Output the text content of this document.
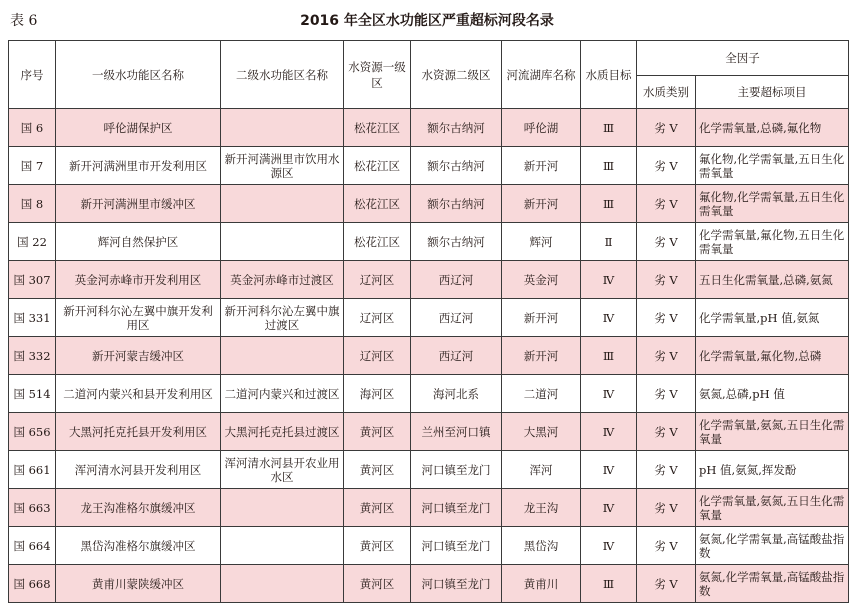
表 6	2016 年全区水功能区严重超标河段名录
序号	一级水功能区名称	二级水功能区名称	水资源一级区	水资源二级区	河流湖库名称	水质目标	全因子	
							水质类别	主要超标项目
国 6	呼伦湖保护区		松花江区	额尔古纳河	呼伦湖	Ⅲ	劣 V	化学需氧量,总磷,氟化物
国 7	新开河满洲里市开发利用区	新开河满洲里市饮用水源区	松花江区	额尔古纳河	新开河	Ⅲ	劣 V	氟化物,化学需氧量,五日生化需氧量
国 8	新开河满洲里市缓冲区		松花江区	额尔古纳河	新开河	Ⅲ	劣 V	氟化物,化学需氧量,五日生化需氧量
国 22	辉河自然保护区		松花江区	额尔古纳河	辉河	Ⅱ	劣 V	化学需氧量,氟化物,五日生化需氧量
国 307	英金河赤峰市开发利用区	英金河赤峰市过渡区	辽河区	西辽河	英金河	Ⅳ	劣 V	五日生化需氧量,总磷,氨氮
国 331	新开河科尔沁左翼中旗开发利用区	新开河科尔沁左翼中旗过渡区	辽河区	西辽河	新开河	Ⅳ	劣 V	化学需氧量,pH 值,氨氮
国 332	新开河蒙吉缓冲区		辽河区	西辽河	新开河	Ⅲ	劣 V	化学需氧量,氟化物,总磷
国 514	二道河内蒙兴和县开发利用区	二道河内蒙兴和过渡区	海河区	海河北系	二道河	Ⅳ	劣 V	氨氮,总磷,pH 值
国 656	大黑河托克托县开发利用区	大黑河托克托县过渡区	黄河区	兰州至河口镇	大黑河	Ⅳ	劣 V	化学需氧量,氨氮,五日生化需氧量
国 661	浑河清水河县开发利用区	浑河清水河县开农业用水区	黄河区	河口镇至龙门	浑河	Ⅳ	劣 V	pH 值,氨氮,挥发酚
国 663	龙王沟准格尔旗缓冲区		黄河区	河口镇至龙门	龙王沟	Ⅳ	劣 V	化学需氧量,氨氮,五日生化需氧量
国 664	黑岱沟准格尔旗缓冲区		黄河区	河口镇至龙门	黑岱沟	Ⅳ	劣 V	氨氮,化学需氧量,高锰酸盐指数
国 668	黄甫川蒙陕缓冲区		黄河区	河口镇至龙门	黄甫川	Ⅲ	劣 V	氨氮,化学需氧量,高锰酸盐指数
